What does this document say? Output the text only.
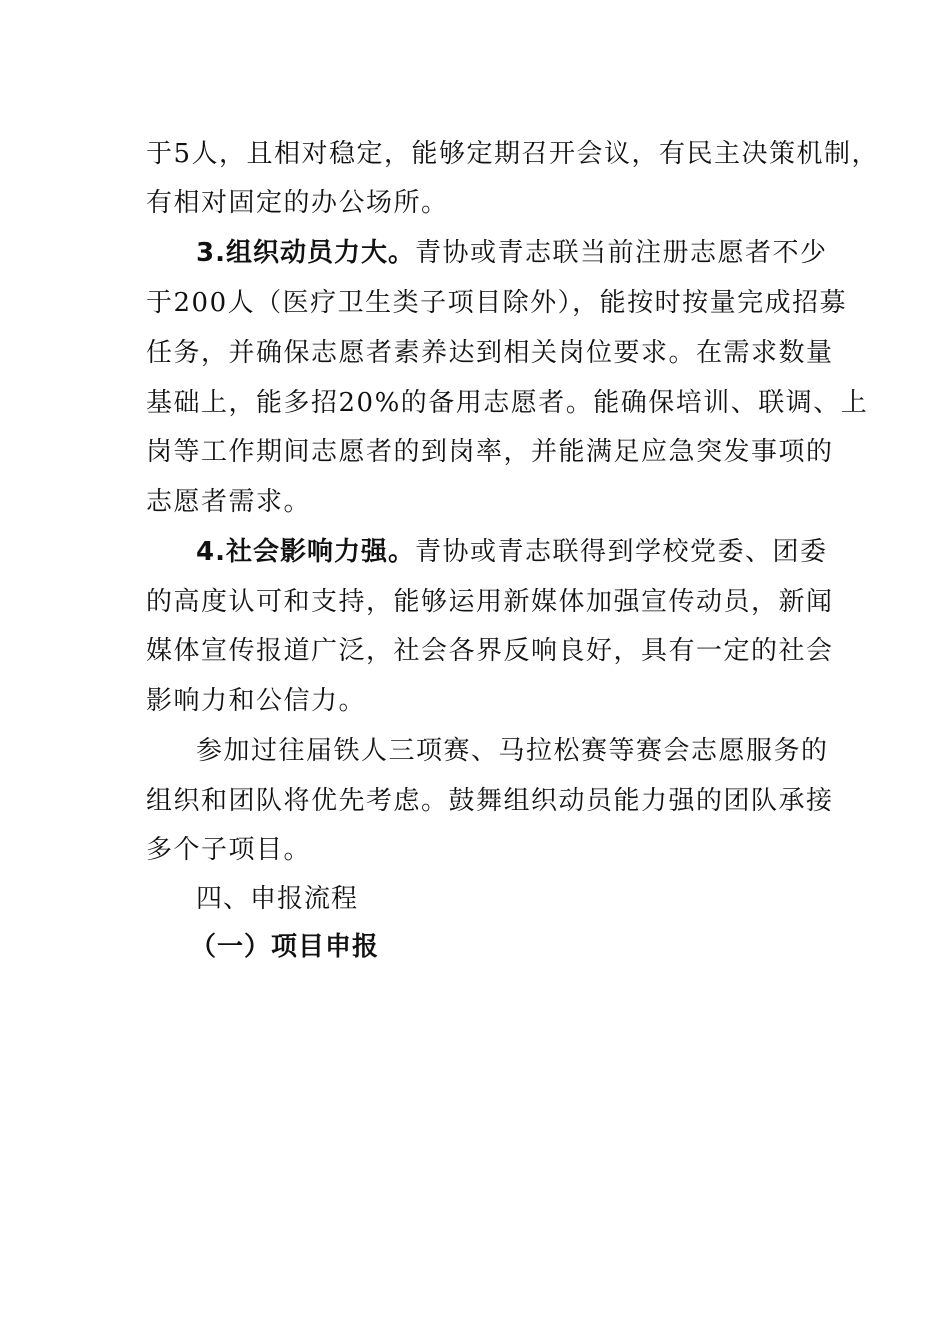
于5人，且相对稳定，能够定期召开会议，有民主决策机制，
有相对固定的办公场所。
3.组织动员力大。青协或青志联当前注册志愿者不少
于200人（医疗卫生类子项目除外），能按时按量完成招募
任务，并确保志愿者素养达到相关岗位要求。在需求数量
基础上，能多招20%的备用志愿者。能确保培训、联调、上
岗等工作期间志愿者的到岗率，并能满足应急突发事项的
志愿者需求。
4.社会影响力强。青协或青志联得到学校党委、团委
的高度认可和支持，能够运用新媒体加强宣传动员，新闻
媒体宣传报道广泛，社会各界反响良好，具有一定的社会
影响力和公信力。
参加过往届铁人三项赛、马拉松赛等赛会志愿服务的
组织和团队将优先考虑。鼓舞组织动员能力强的团队承接
多个子项目。
四、申报流程
（一）项目申报
